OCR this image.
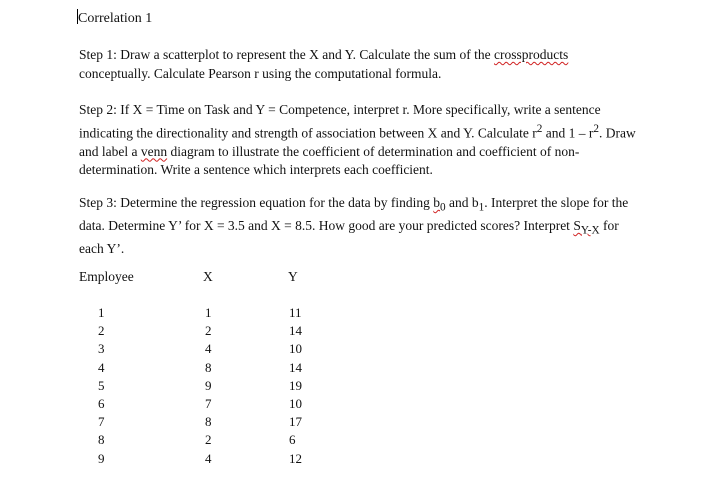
Correlation 1
Step 1: Draw a scatterplot to represent the X and Y. Calculate the sum of the crossproducts conceptually. Calculate Pearson r using the computational formula.
Step 2: If X = Time on Task and Y = Competence, interpret r. More specifically, write a sentence indicating the directionality and strength of association between X and Y. Calculate $r^2$ and $1 - r^2$. Draw and label a venn diagram to illustrate the coefficient of determination and coefficient of non-determination. Write a sentence which interprets each coefficient.
Step 3: Determine the regression equation for the data by finding $b_0$ and $b_1$. Interpret the slope for the data. Determine Y’ for X = 3.5 and X = 8.5. How good are your predicted scores? Interpret $S_{Y-X}$ for each Y’.
Employee	X	Y
1
2
3
4
5
6
7
8
9
1
2
4
8
9
7
8
2
4
11
14
10
14
19
10
17
6
12
